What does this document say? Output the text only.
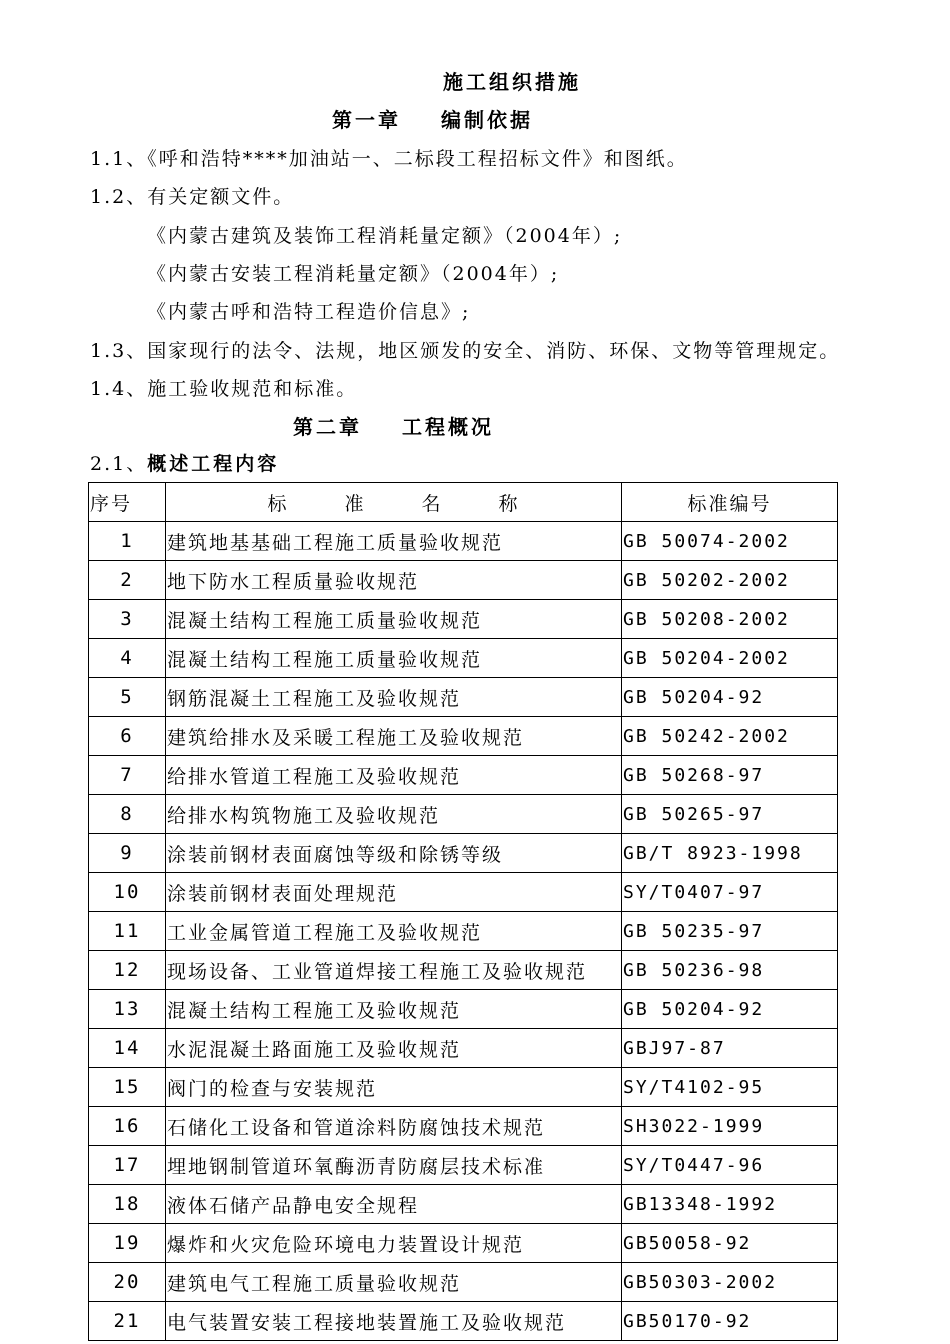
施工组织措施
第一章 编制依据
1.1、《呼和浩特****加油站一、二标段工程招标文件》和图纸。
1.2、有关定额文件。
《内蒙古建筑及装饰工程消耗量定额》（2004年）;
《内蒙古安装工程消耗量定额》（2004年）;
《内蒙古呼和浩特工程造价信息》;
1.3、国家现行的法令、法规，地区颁发的安全、消防、环保、文物等管理规定。
1.4、施工验收规范和标准。
第二章 工程概况
2.1、概述工程内容
序号	标 准 名 称	标准编号
1	建筑地基基础工程施工质量验收规范	GB 50074-2002
2	地下防水工程质量验收规范	GB 50202-2002
3	混凝土结构工程施工质量验收规范	GB 50208-2002
4	混凝土结构工程施工质量验收规范	GB 50204-2002
5	钢筋混凝土工程施工及验收规范	GB 50204-92
6	建筑给排水及采暖工程施工及验收规范	GB 50242-2002
7	给排水管道工程施工及验收规范	GB 50268-97
8	给排水构筑物施工及验收规范	GB 50265-97
9	涂装前钢材表面腐蚀等级和除锈等级	GB/T 8923-1998
10	涂装前钢材表面处理规范	SY/T0407-97
11	工业金属管道工程施工及验收规范	GB 50235-97
12	现场设备、工业管道焊接工程施工及验收规范	GB 50236-98
13	混凝土结构工程施工及验收规范	GB 50204-92
14	水泥混凝土路面施工及验收规范	GBJ97-87
15	阀门的检查与安装规范	SY/T4102-95
16	石储化工设备和管道涂料防腐蚀技术规范	SH3022-1999
17	埋地钢制管道环氧酶沥青防腐层技术标准	SY/T0447-96
18	液体石储产品静电安全规程	GB13348-1992
19	爆炸和火灾危险环境电力装置设计规范	GB50058-92
20	建筑电气工程施工质量验收规范	GB50303-2002
21	电气装置安装工程接地装置施工及验收规范	GB50170-92
